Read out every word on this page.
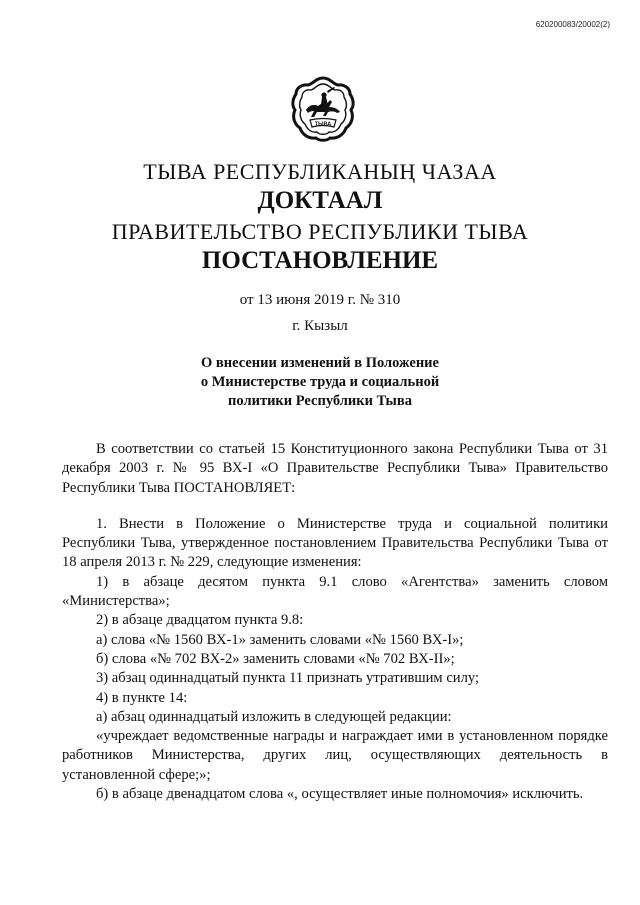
620200083/20002(2)
ТЫВА
ТЫВА РЕСПУБЛИКАНЫҢ ЧАЗАА
ДОКТААЛ
ПРАВИТЕЛЬСТВО РЕСПУБЛИКИ ТЫВА
ПОСТАНОВЛЕНИЕ
от 13 июня 2019 г. № 310
г. Кызыл
О внесении изменений в Положение
о Министерстве труда и социальной
политики Республики Тыва

В соответствии со статьей 15 Конституционного закона Республики Тыва от 31 декабря 2003 г. № 95 ВХ-I «О Правительстве Республики Тыва» Правительство Республики Тыва ПОСТАНОВЛЯЕТ:

1. Внести в Положение о Министерстве труда и социальной политики Республики Тыва, утвержденное постановлением Правительства Республики Тыва от 18 апреля 2013 г. № 229, следующие изменения:

1) в абзаце десятом пункта 9.1 слово «Агентства» заменить словом «Министерства»;

2) в абзаце двадцатом пункта 9.8:

а) слова «№ 1560 ВХ-1» заменить словами «№ 1560 ВХ-I»;

б) слова «№ 702 ВХ-2» заменить словами «№ 702 ВХ-II»;

3) абзац одиннадцатый пункта 11 признать утратившим силу;

4) в пункте 14:

а) абзац одиннадцатый изложить в следующей редакции:

«учреждает ведомственные награды и награждает ими в установленном порядке работников Министерства, других лиц, осуществляющих деятельность в установленной сфере;»;

б) в абзаце двенадцатом слова «, осуществляет иные полномочия» исключить.
